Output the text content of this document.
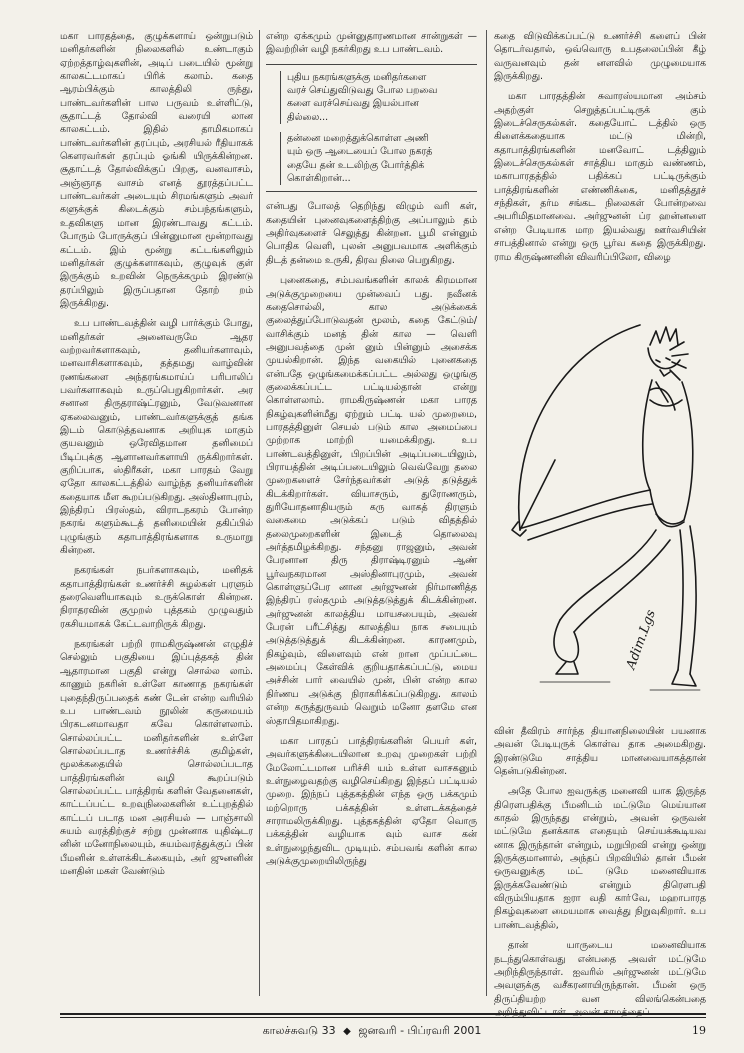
மகா பாரதத்தை, குழுக்களாய் ஒன்றுபடும் மனிதர்களின் நிலைகளில் உண்டாகும் ஏற்றத்தாழ்வுகளின், அடிப் படையில் மூன்று காலகட்டமாகப் பிரிக் கலாம். கதை ஆரம்பிக்கும் காலத்திலி ருந்து, பாண்டவர்களின் பால பருவம் உள்ளிட்டு, சூதாட்டத் தோல்வி வரையி லான காலகட்டம். இதில் தாமிகமாகப் பாண்டவர்களின் தரப்பும், அரசியல் ரீதியாகக் கௌரவர்கள் தரப்பும் ஓங்கி யிருக்கின்றன. சூதாட்டத் தோல்விக்குப் பிறகு, வனவாசம், அஞ்ஞாத வாசம் எனத் தூரத்தப்பட்ட பாண்டவர்கள் அடையும் சிரமங்களும் அவர் களுக்குக் கிடைக்கும் சம்பந்தங்களும், உதவிகளு மான இரண்டாவது கட்டம். போரும் போருக்குப் பின்னுமான மூன்றாவது கட்டம். இம் மூன்று கட்டங்களிலும் மனிதர்கள் குழுக்களாகவும், குழுவுக் குள் இருக்கும் உறவின் நெருக்கமும் இரண்டு தரப்பிலும் இருப்பதான தோற் றம் இருக்கிறது.

உப பாண்டவத்தின் வழி பார்க்கும் போது, மனிதர்கள் அனைவருமே ஆதர வற்றவர்களாகவும், தனியர்களாவும், மனவாசிகளாகவும், தத்தமது வாழ்வின் ரணங்களை அந்தரங்கமாய்ப் பரிபாலிப் பவர்களாகவும் உருப்பெறுகிறார்கள். அர சனான திருதராஷ்ட்ரனும், வேடுவனான ஏகலைவனும், பாண்டவர்களுக்குத் தங்க இடம் கொடுத்தவனாக அறியுக மாகும் குயவனும் ஒரேவிதமான தனிமைப் பீடிப்புக்கு ஆளானவர்களாயி ருக்கிறார்கள். குறிப்பாக, ஸ்திரீகள், மகா பாரதம் வேறு ஏதோ காலகட்டத்தில் வாழ்ந்த தனியர்களின் கதையாக மீள கூறப்படுகிறது. அஸ்தினாபுரம், இந்திரப் பிரஸ்தம், விராடநகரம் போன்ற நகரங் களும்கூடத் தனிமையின் தகிப்பில் புழுங்கும் கதாபாத்திரங்களாக உருமாறு கின்றன.

நகரங்கள் நபர்களாகவும், மனிதக் கதாபாத்திரங்கள் உணர்ச்சி சுழல்கள் புரளும் தரைவெளியாகவும் உருக்கொள் கின்றன. நிராதரவின் குமுறல் புத்தகம் முழுவதும் ரகசியமாகக் கேட்டவாறிருக் கிறது.

நகரங்கள் பற்றி ராமகிருஷ்ணன் எழுதிச் செல்லும் பகுதியை இப்புத்தகத் தின் ஆதாரமான பகுதி என்று சொல்ல லாம். காணும் நகரின் உள்ளே காணாத நகரங்கள் புதைந்திருப்பதைக் கண் டேன் என்ற வரியில் உப பாண்டவம் நூலின் கருமையம் பிரகடனமாவதா கவே கொள்ளலாம். சொல்லப்பட்ட மனிதர்களின் உள்ளே சொல்லப்படாத உணர்ச்சிக் குமிழ்கள், மூலக்கதையில் சொல்லப்படாத பாத்திரங்களின் வழி கூறப்படும் சொல்லப்பட்ட பாத்திரங் களின் வேதனைகள், காட்டப்பட்ட உறவுநிலைகளின் உட்புறத்தில் காட்டப் படாத மன அரசியல் — பாஞ்சாலி சுயம் வரத்திற்குச் சற்று முன்னாக யுதிஷ்டர னின் மனோநிலையும், சுயம்வரத்துக்குப் பின் பீமனின் உள்ளக்கிடக்கையும், அர் ஜுனனின் மனதின் மகள் வேண்டும்

என்ற ஏக்கமும் முன்னுதாரணமான சான்றுகள் — இவற்றின் வழி நகர்கிறது உப பாண்டவம்.

புதிய நகரங்களுக்கு மனிதர்களை
வரச் செய்துவிடுவது போல பறவை
களை வரச்செய்வது இயல்பான
தில்லை...
தன்னை மறைத்துக்கொள்ள அணி
யும் ஒரு ஆடையைப் போல நகரத்
தையே தன் உடலிற்கு போர்த்திக்
கொள்கிறான்...

என்பது போலத் தெறிந்து விழும் வரி கள், கதையின் புனைவுகளைத்திற்கு அப்பாலும் தம் அதிர்வுகளைச் செலுத்து கின்றன. பூமி என்னும் பொதிக வெளி, புலன் அனுபவமாக அளிக்கும் திடத் தன்மை உருகி, திரவ நிலை பெறுகிறது.

புனைகதை, சம்பவங்களின் காலக் கிரமமான அடுக்குமுறையை முன்வைப் பது. நவீனக் கதைசொல்லி, கால அடுக்கைக் குலைத்துப்போடுவதன் மூலம், கதை கேட்டும்/வாசிக்கும் மனத் தின் கால — வெளி அனுபவத்தை முன் னும் பின்னும் அசைக்க முயல்கிறான். இந்த வகையில் புனைகதை என்பதே ஒழுங்கமைக்கப்பட்ட அல்லது ஒழுங்கு குலைக்கப்பட்ட பட்டியல்தான் என்று கொள்ளலாம். ராமகிருஷ்ணன் மகா பாரத நிகழ்வுகளின்மீது ஏற்றும் பட்டி யல் முறைமை, பாரதத்தினுள் செயல் படும் கால அமைப்பை முற்றாக மாற்றி யமைக்கிறது. உப பாண்டவத்தினுள், பிறப்பின் அடிப்படையிலும், பிராயத்தின் அடிப்படையிலும் வெவ்வேறு தலை முறைகளைச் சேர்ந்தவர்கள் அடுத் தடுத்துக் கிடக்கிறார்கள். வியாசரும், துரோணரும், துரியோதனாதியரும் கரு வாகத் திரளும் வகைமை அடுக்கப் படும் விதத்தில் தலைமுறைகளின் இடைத் தொலைவு அர்த்தமிழக்கிறது. சந்தனு ராஜனும், அவன் பேரனான திரு திராஷ்டிரனும் ஆண் பூர்வநகரமான அஸ்தினாபுரமும், அவன் கொள்ளுப்பேர னான அர்ஜுனன் நிர்மாணித்த இந்திரப் ரஸ்தமும் அடுத்தடுத்துக் கிடக்கின்றன. அர்ஜுனன் காலத்திய மாயசபையும், அவன் பேரன் பரீட்சித்து காலத்திய நாக சபையும் அடுத்தடுத்துக் கிடக்கின்றன. காரணமும், நிகழ்வும், விளைவும் என் றான முப்பட்டை அமைப்பு கேள்விக் குறியதாக்கப்பட்டு, மைய அச்சின் பார் வையில் முன், பின் என்ற கால நிர்ணய அடுக்கு நிராகரிக்கப்படுகிறது. காலம் என்ற கருத்துருவம் வெறும் மனோ தளமே என ஸ்தாபிதமாகிறது.

மகா பாரதப் பாத்திரங்களின் பெயர் கள், அவர்களுக்கிடையிலான உறவு முறைகள் பற்றி மேலோட்டமான பரிச்சி யம் உள்ள வாசகனும் உள்நுழைவதற்கு வழிசெய்கிறது இந்தப் பட்டியல் முறை. இந்நப் புத்தகத்தின் எந்த ஒரு பக்கமும் மற்றொரு பக்கத்தின் உள்ளடக்கத்தைச் சாராமலிருக்கிறது. புத்தகத்தின் ஏதோ வொரு பக்கத்தின் வழியாக வும் வாச கன் உள்நுழைந்துவிட முடியும். சம்பவங் களின் கால அடுக்குமுறையிலிருந்து

கதை விடுவிக்கப்பட்டு உணர்ச்சி களைப் பின் தொடர்வதால், ஒவ்வொரு உபதலைப்பின் கீழ் வருவனவும் தன் னளவில் முழுமையாக இருக்கிறது.

மகா பாரதத்தின் சுவாரஸ்யமான அம்சம் அதற்குள் செறுத்தப்பட்டிருக் கும் இடைச்செருகல்கள். கதையோட் டத்தில் ஒரு கிளைக்கதையாக மட்டு மின்றி, கதாபாத்திரங்களின் மனவோட் டத்திலும் இடைச்செருகல்கள் சாத்திய மாகும் வண்ணம், மகாபாரதத்தில் பதிக்கப் பட்டிருக்கும் பாத்திரங்களின் எண்ணிக்கை, மனிதத்தூச் சந்திகள், தர்ம சங்கட நிலைகள் போன்றவை அபரிமிதமானவை. அர்ஜுனன் ப்ர ஹன்னளை என்ற பேடியாக மாற இயல்வது ஊர்வசியின் சாபத்தினால் என்று ஒரு பூர்வ கதை இருக்கிறது. ராம கிருஷ்ணனின் விவரிப்பிலோ, விழை

Adim.Lgs

வின் தீவிரம் சார்ந்த தியானநிலையின் பயனாக அவன் பேடியுருக் கொள்வ தாக அமைகிறது. இரண்டுமே சாத்திய மானவையாகத்தான் தென்படுகின்றன.

அதே போல ஐவருக்கு மனைவி யாக இருந்த திரௌபதிக்கு பீமனிடம் மட்டுமே மெய்யான காதல் இருந்தது என்றும், அவன் ஒருவன் மட்டுமே தனக்காக எதையும் செய்யக்கூடியவ னாக இருந்தான் என்றும், மறுபிறவி என்று ஒன்று இருக்குமானால், அந்தப் பிறவியில் தான் பீமன் ஒருவனுக்கு மட் டுமே மனைவியாக இருக்கவேண்டும் என்றும் திரௌபதி விரும்பியதாக ஐரா வதி காா்வே, மஹாபாரத நிகழ்வுகளை மையமாக வைத்து நிறுவுகிறார். உப பாண்டவத்தில்,

தான் யாருடைய மனைவியாக நடந்துகொள்வது என்பதை அவள் மட்டுமே அறிந்திருந்தாள். ஐவரில் அர்ஜுனன் மட்டுமே அவளுக்கு வசீகரனாயிருந்தான். பீமன் ஒரு திருப்தியற்ற வன விலங்கென்பதை

காலச்சுவடு 33 ◆ ஜனவரி - பிப்ரவரி 2001	19
